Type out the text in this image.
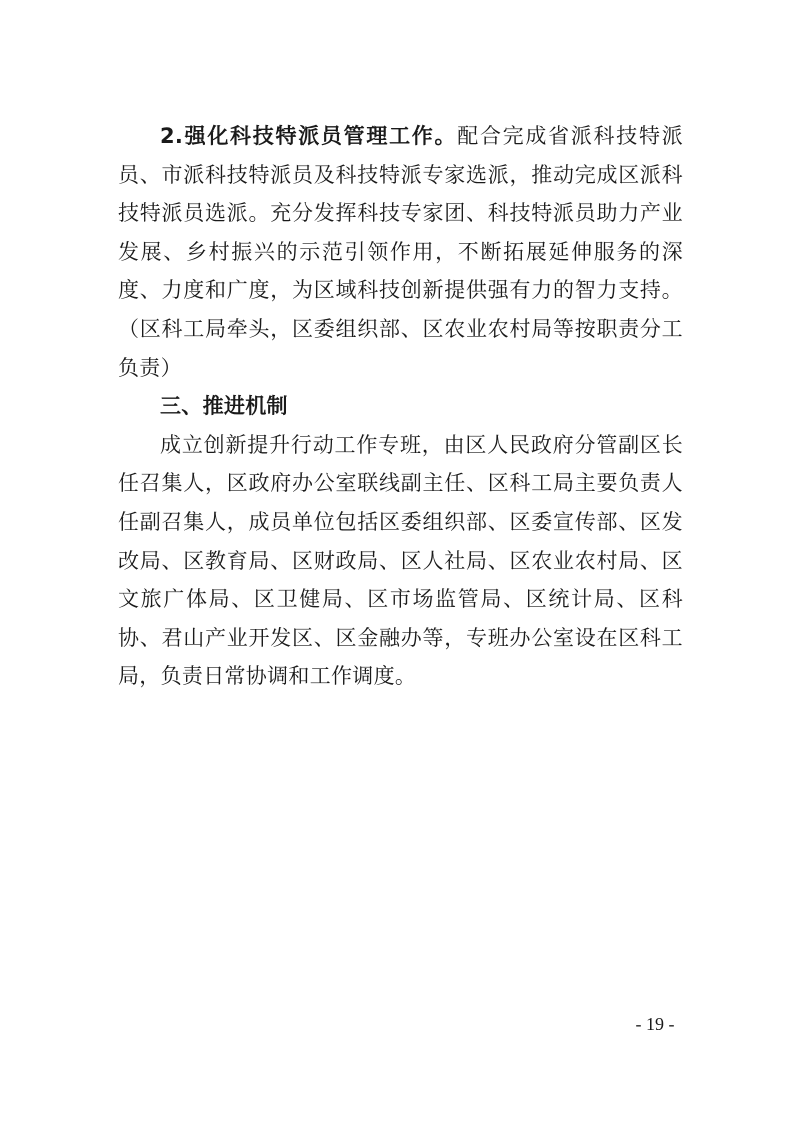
2.强化科技特派员管理工作。配合完成省派科技特派员、市派科技特派员及科技特派专家选派，推动完成区派科技特派员选派。充分发挥科技专家团、科技特派员助力产业发展、乡村振兴的示范引领作用，不断拓展延伸服务的深度、力度和广度，为区域科技创新提供强有力的智力支持。（区科工局牵头，区委组织部、区农业农村局等按职责分工负责）

三、推进机制

成立创新提升行动工作专班，由区人民政府分管副区长任召集人，区政府办公室联线副主任、区科工局主要负责人任副召集人，成员单位包括区委组织部、区委宣传部、区发改局、区教育局、区财政局、区人社局、区农业农村局、区文旅广体局、区卫健局、区市场监管局、区统计局、区科协、君山产业开发区、区金融办等，专班办公室设在区科工局，负责日常协调和工作调度。

- 19 -
